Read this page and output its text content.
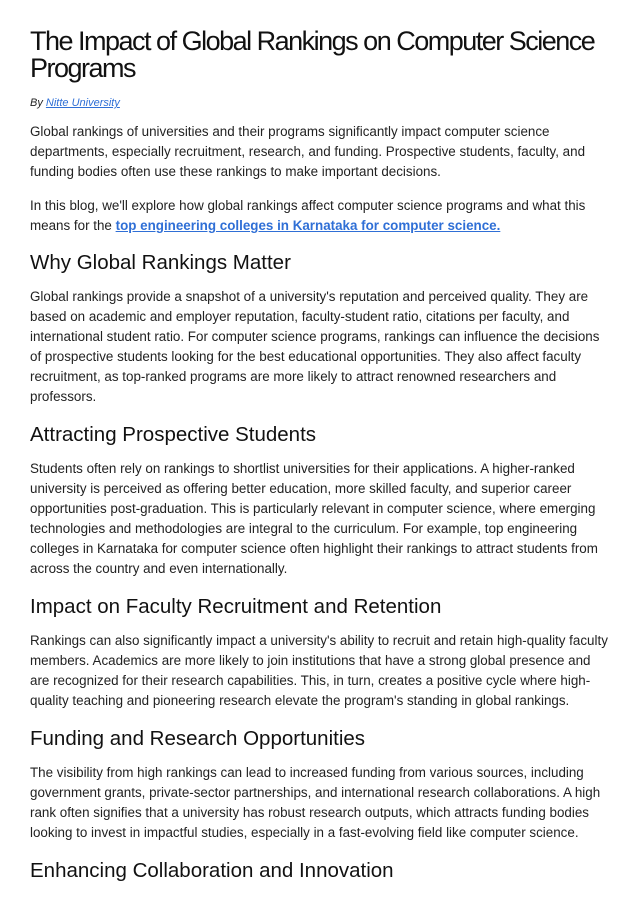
The Impact of Global Rankings on Computer Science Programs
By Nitte University

Global rankings of universities and their programs significantly impact computer science departments, especially recruitment, research, and funding. Prospective students, faculty, and funding bodies often use these rankings to make important decisions.

In this blog, we'll explore how global rankings affect computer science programs and what this means for the top engineering colleges in Karnataka for computer science.

Why Global Rankings Matter

Global rankings provide a snapshot of a university's reputation and perceived quality. They are based on academic and employer reputation, faculty-student ratio, citations per faculty, and international student ratio. For computer science programs, rankings can influence the decisions of prospective students looking for the best educational opportunities. They also affect faculty recruitment, as top-ranked programs are more likely to attract renowned researchers and professors.

Attracting Prospective Students

Students often rely on rankings to shortlist universities for their applications. A higher-ranked university is perceived as offering better education, more skilled faculty, and superior career opportunities post-graduation. This is particularly relevant in computer science, where emerging technologies and methodologies are integral to the curriculum. For example, top engineering colleges in Karnataka for computer science often highlight their rankings to attract students from across the country and even internationally.

Impact on Faculty Recruitment and Retention

Rankings can also significantly impact a university's ability to recruit and retain high-quality faculty members. Academics are more likely to join institutions that have a strong global presence and are recognized for their research capabilities. This, in turn, creates a positive cycle where high-quality teaching and pioneering research elevate the program's standing in global rankings.

Funding and Research Opportunities

The visibility from high rankings can lead to increased funding from various sources, including government grants, private-sector partnerships, and international research collaborations. A high rank often signifies that a university has robust research outputs, which attracts funding bodies looking to invest in impactful studies, especially in a fast-evolving field like computer science.

Enhancing Collaboration and Innovation
